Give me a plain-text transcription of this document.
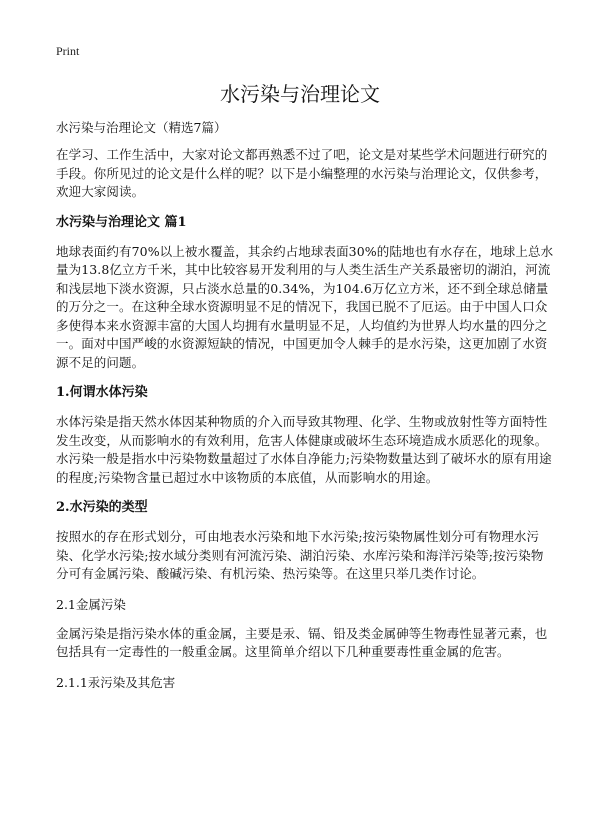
Print
水污染与治理论文
水污染与治理论文（精选7篇）

在学习、工作生活中，大家对论文都再熟悉不过了吧，论文是对某些学术问题进行研究的手段。你所见过的论文是什么样的呢？以下是小编整理的水污染与治理论文，仅供参考，欢迎大家阅读。

水污染与治理论文 篇1

地球表面约有70%以上被水覆盖，其余约占地球表面30%的陆地也有水存在，地球上总水量为13.8亿立方千米，其中比较容易开发利用的与人类生活生产关系最密切的湖泊，河流和浅层地下淡水资源，只占淡水总量的0.34%，为104.6万亿立方米，还不到全球总储量的万分之一。在这种全球水资源明显不足的情况下，我国已脱不了厄运。由于中国人口众多使得本来水资源丰富的大国人均拥有水量明显不足，人均值约为世界人均水量的四分之一。面对中国严峻的水资源短缺的情况，中国更加令人棘手的是水污染，这更加剧了水资源不足的问题。

1.何谓水体污染

水体污染是指天然水体因某种物质的介入而导致其物理、化学、生物或放射性等方面特性发生改变，从而影响水的有效利用，危害人体健康或破坏生态环境造成水质恶化的现象。水污染一般是指水中污染物数量超过了水体自净能力;污染物数量达到了破坏水的原有用途的程度;污染物含量已超过水中该物质的本底值，从而影响水的用途。

2.水污染的类型

按照水的存在形式划分，可由地表水污染和地下水污染;按污染物属性划分可有物理水污染、化学水污染;按水域分类则有河流污染、湖泊污染、水库污染和海洋污染等;按污染物分可有金属污染、酸碱污染、有机污染、热污染等。在这里只举几类作讨论。

2.1金属污染

金属污染是指污染水体的重金属，主要是汞、镉、铅及类金属砷等生物毒性显著元素，也包括具有一定毒性的一般重金属。这里简单介绍以下几种重要毒性重金属的危害。

2.1.1汞污染及其危害
